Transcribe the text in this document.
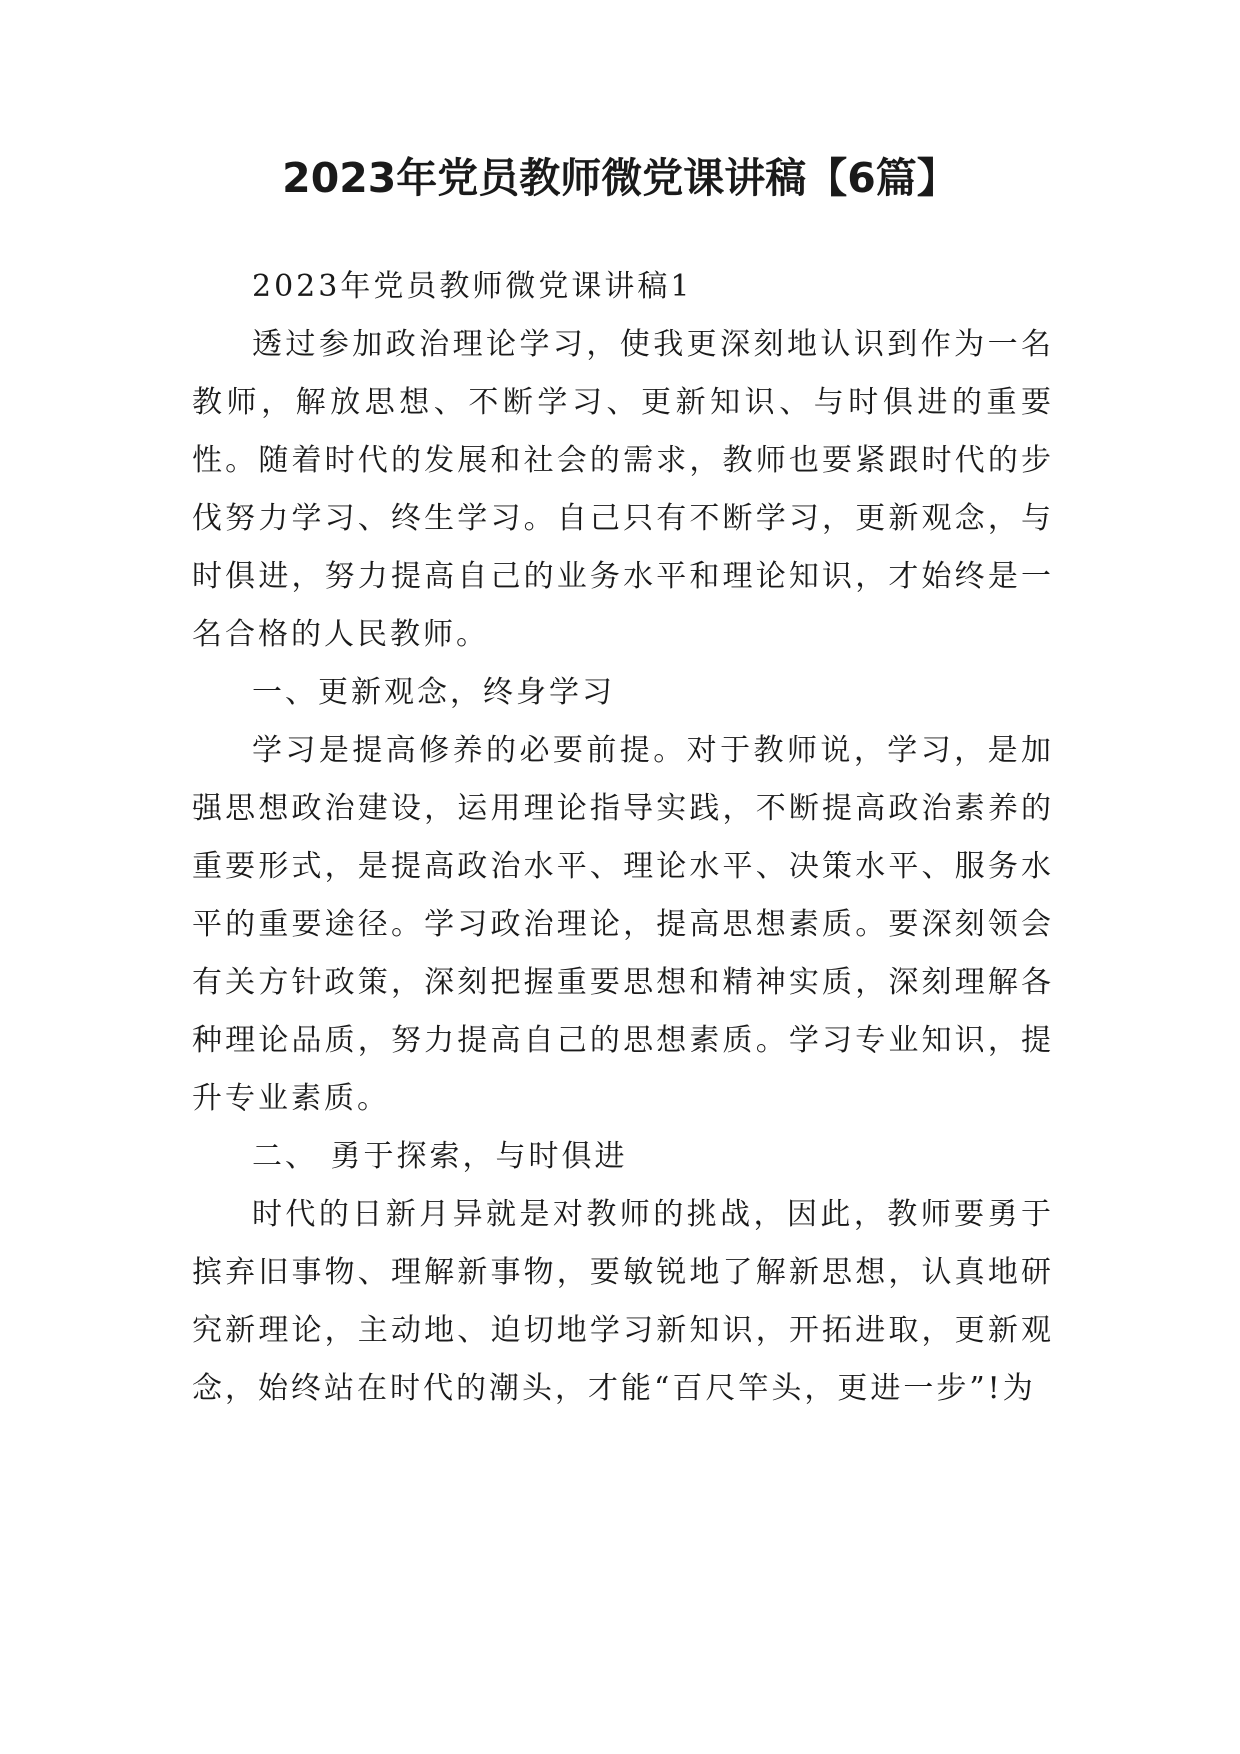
2023年党员教师微党课讲稿【6篇】

2023年党员教师微党课讲稿1

透过参加政治理论学习，使我更深刻地认识到作为一名教师，解放思想、不断学习、更新知识、与时俱进的重要性。随着时代的发展和社会的需求，教师也要紧跟时代的步伐努力学习、终生学习。自己只有不断学习，更新观念，与时俱进，努力提高自己的业务水平和理论知识，才始终是一名合格的人民教师。

一、更新观念，终身学习

学习是提高修养的必要前提。对于教师说，学习，是加强思想政治建设，运用理论指导实践，不断提高政治素养的重要形式，是提高政治水平、理论水平、决策水平、服务水平的重要途径。学习政治理论，提高思想素质。要深刻领会有关方针政策，深刻把握重要思想和精神实质，深刻理解各种理论品质，努力提高自己的思想素质。学习专业知识，提升专业素质。

二、 勇于探索，与时俱进

时代的日新月异就是对教师的挑战，因此，教师要勇于摈弃旧事物、理解新事物，要敏锐地了解新思想，认真地研究新理论，主动地、迫切地学习新知识，开拓进取，更新观念，始终站在时代的潮头，才能“百尺竿头，更进一步”!为
